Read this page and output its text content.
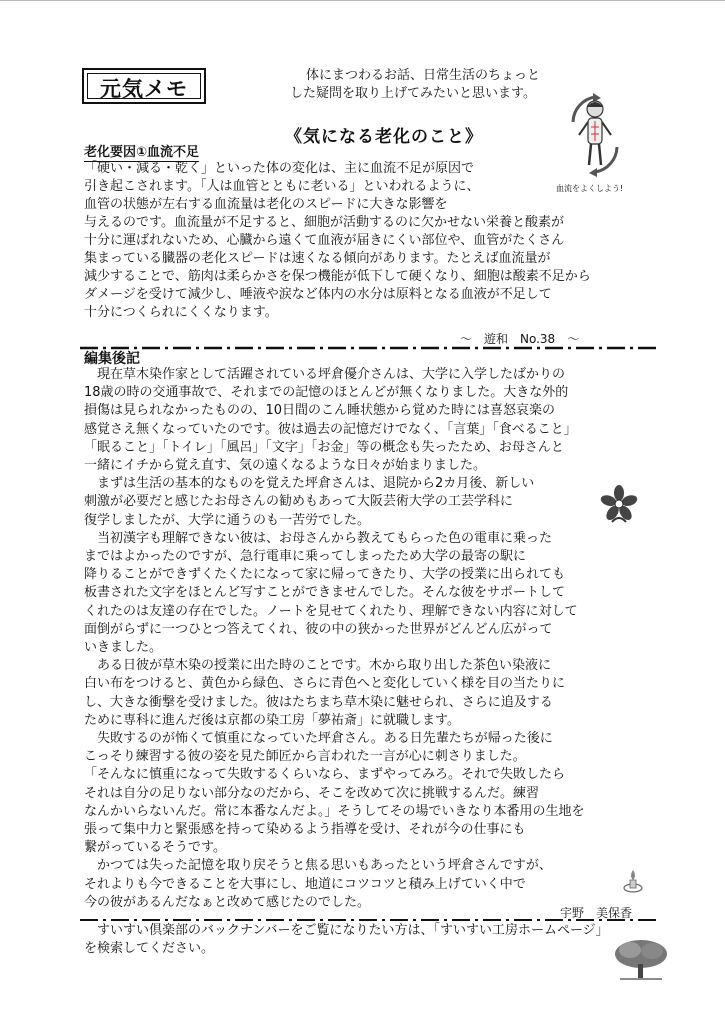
元気メモ
体にまつわるお話、日常生活のちょっと
した疑問を取り上げてみたいと思います。
《気になる老化のこと》
血流をよくしよう!
老化要因①血流不足
「硬い・減る・乾く」といった体の変化は、主に血流不足が原因で
引き起こされます。「人は血管とともに老いる」といわれるように、
血管の状態が左右する血流量は老化のスピードに大きな影響を
与えるのです。血流量が不足すると、細胞が活動するのに欠かせない栄養と酸素が
十分に運ばれないため、心臓から遠くて血液が届きにくい部位や、血管がたくさん
集まっている臓器の老化スピードは速くなる傾向があります。たとえば血流量が
減少することで、筋肉は柔らかさを保つ機能が低下して硬くなり、細胞は酸素不足から
ダメージを受けて減少し、唾液や涙など体内の水分は原料となる血液が不足して
十分につくられにくくなります。
～　遊和　No.38　～
編集後記
　現在草木染作家として活躍されている坪倉優介さんは、大学に入学したばかりの
18歳の時の交通事故で、それまでの記憶のほとんどが無くなりました。大きな外的
損傷は見られなかったものの、10日間のこん睡状態から覚めた時には喜怒哀楽の
感覚さえ無くなっていたのです。彼は過去の記憶だけでなく、「言葉」「食べること」
「眠ること」「トイレ」「風呂」「文字」「お金」等の概念も失ったため、お母さんと
一緒にイチから覚え直す、気の遠くなるような日々が始まりました。
　まずは生活の基本的なものを覚えた坪倉さんは、退院から2カ月後、新しい
刺激が必要だと感じたお母さんの勧めもあって大阪芸術大学の工芸学科に
復学しましたが、大学に通うのも一苦労でした。
　当初漢字も理解できない彼は、お母さんから教えてもらった色の電車に乗った
まではよかったのですが、急行電車に乗ってしまったため大学の最寄の駅に
降りることができずくたくたになって家に帰ってきたり、大学の授業に出られても
板書された文字をほとんど写すことができませんでした。そんな彼をサポートして
くれたのは友達の存在でした。ノートを見せてくれたり、理解できない内容に対して
面倒がらずに一つひとつ答えてくれ、彼の中の狭かった世界がどんどん広がって
いきました。
　ある日彼が草木染の授業に出た時のことです。木から取り出した茶色い染液に
白い布をつけると、黄色から緑色、さらに青色へと変化していく様を目の当たりに
し、大きな衝撃を受けました。彼はたちまち草木染に魅せられ、さらに追及する
ために専科に進んだ後は京都の染工房「夢祐斎」に就職します。
　失敗するのが怖くて慎重になっていた坪倉さん。ある日先輩たちが帰った後に
こっそり練習する彼の姿を見た師匠から言われた一言が心に刺さりました。
「そんなに慎重になって失敗するくらいなら、まずやってみろ。それで失敗したら
それは自分の足りない部分なのだから、そこを改めて次に挑戦するんだ。練習
なんかいらないんだ。常に本番なんだよ。」そうしてその場でいきなり本番用の生地を
張って集中力と緊張感を持って染めるよう指導を受け、それが今の仕事にも
繋がっているそうです。
　かつては失った記憶を取り戻そうと焦る思いもあったという坪倉さんですが、
それよりも今できることを大事にし、地道にコツコツと積み上げていく中で
今の彼があるんだなぁと改めて感じたのでした。
宇野　美保香
　すいすい倶楽部のバックナンバーをご覧になりたい方は、「すいすい工房ホームページ」
を検索してください。
